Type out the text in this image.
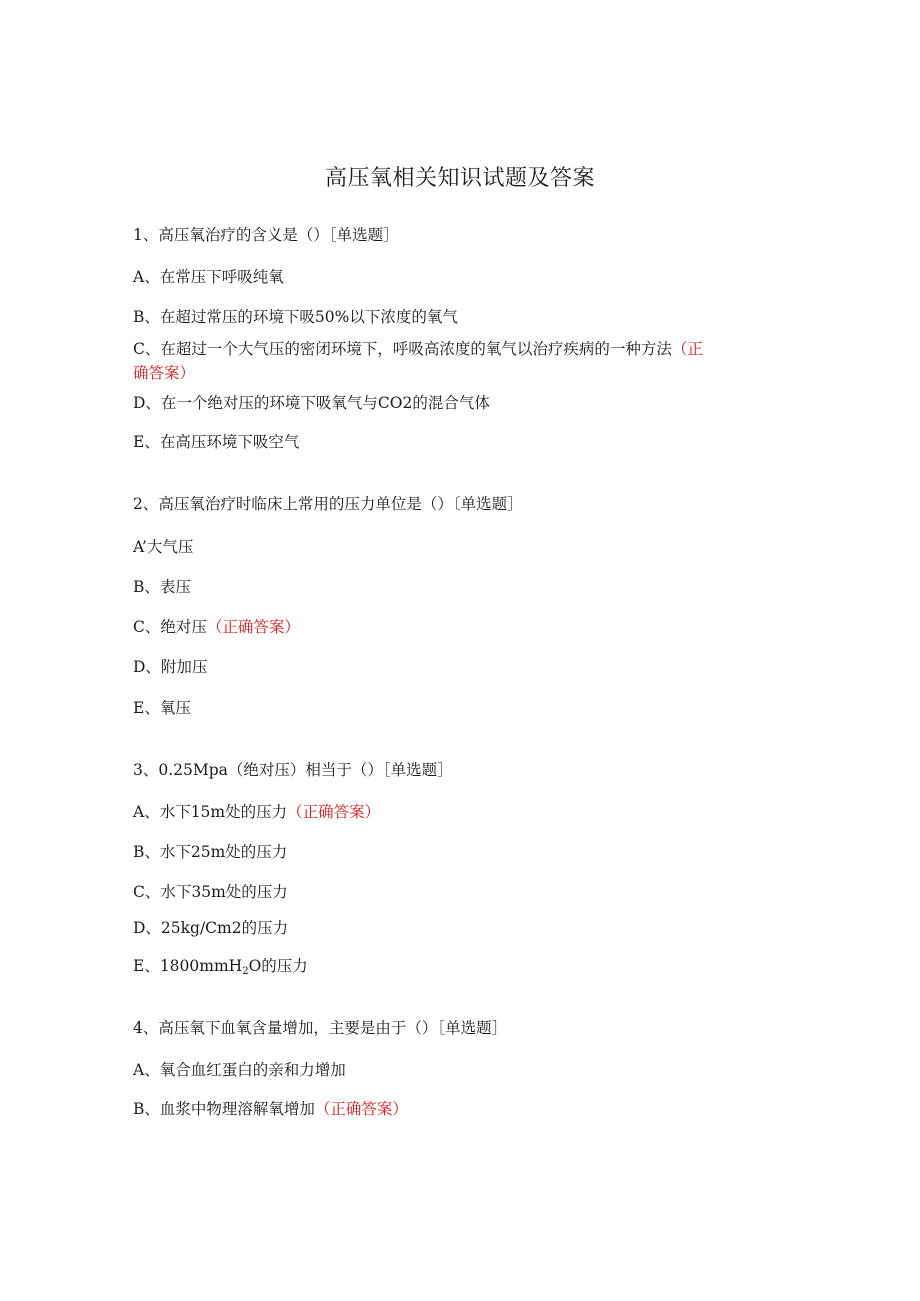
高压氧相关知识试题及答案
1、高压氧治疗的含义是（）［单选题］
A、在常压下呼吸纯氧
B、在超过常压的环境下吸50%以下浓度的氧气
C、在超过一个大气压的密闭环境下，呼吸高浓度的氧气以治疗疾病的一种方法（正
确答案）
D、在一个绝对压的环境下吸氧气与CO2的混合气体
E、在高压环境下吸空气
2、高压氧治疗时临床上常用的压力单位是（）〔单选题］
A’大气压
B、表压
C、绝对压（正确答案）
D、附加压
E、氧压
3、0.25Mpa（绝对压）相当于（）［单选题］
A、水下15m处的压力（正确答案）
B、水下25m处的压力
C、水下35m处的压力
D、25kg∕Cm2的压力
E、1800mmH$_2$O的压力
4、高压氧下血氧含量增加，主要是由于（）［单选题］
A、氧合血红蛋白的亲和力增加
B、血浆中物理溶解氧增加（正确答案）
